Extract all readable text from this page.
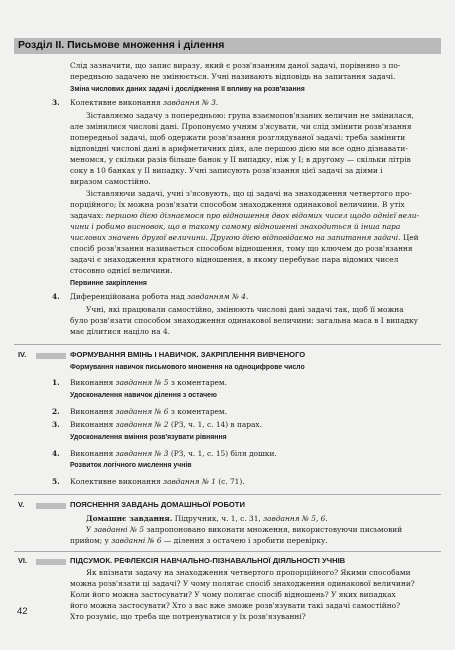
Розділ ІІ. Письмове множення і ділення
Слід зазначити, що запис виразу, який є розв'язанням даної задачі, порівняно з по-
передньою задачею не змінюється. Учні називають відповідь на запитання задачі.
Зміна числових даних задачі і дослідження її впливу на розв'язання
3. Колективне виконання завдання № 3.
Зіставляємо задачу з попередньою: група взаємопов'язаних величин не змінилася,
але змінилися числові дані. Пропонуємо учням з'ясувати, чи слід змінити розв'язання
попередньої задачі, щоб одержати розв'язання розглядуваної задачі: треба замінити
відповідні числові дані в арифметичних діях, але першою дією ми все одно дізнавати-
меномся, у скільки разів більше банок у ІІ випадку, ніж у І; в другому — скільки літрів
соку в 10 банках у ІІ випадку. Учні записують розв'язання цієї задачі за діями і
виразом самостійно.
Зіставляючи задачі, учні з'ясовують, що ці задачі на знаходження четвертого про-
порційного; їх можна розв'язати способом знаходження одинакової величини. В утіх
задачах: першою дією дізнаємося про відношення двох відомих чисел щодо однієї вели-
чини і робимо висновок, що в такому самому відношенні знаходиться й інша пара
числових значень другої величини. Другою дією відповідаємо на запитання задачі. Цей
спосіб розв'язання називається способом відношення, тому що ключем до розв'язання
задачі є знаходження кратного відношення, в якому перебуває пара відомих чисел
стосовно однієї величини.
Первинне закріплення
4. Диференційована робота над завданням № 4.
Учні, які працювали самостійно, змінюють числові дані задачі так, щоб її можна
було розв'язати способом знаходження одинакової величини: загальна маса в І випадку
має ділитися націло на 4.
IV.	ФОРМУВАННЯ ВМІНЬ І НАВИЧОК. ЗАКРІПЛЕННЯ ВИВЧЕНОГО
Формування навичок письмового множення на одноцифрове число
1. Виконання завдання № 5 з коментарем.
Удосконалення навичок ділення з остачею
2. Виконання завдання № 6 з коментарем.
3. Виконання завдання № 2 (РЗ, ч. 1, с. 14) в парах.
Удосконалення вміння розв'язувати рівняння
4. Виконання завдання № 3 (РЗ, ч. 1, с. 15) біля дошки.
Розвиток логічного мислення учнів
5. Колективне виконання завдання № 1 (с. 71).
V.	ПОЯСНЕННЯ ЗАВДАНЬ ДОМАШНЬОЇ РОБОТИ
Домашнє завдання. Підручник, ч. 1, с. 31, завдання № 5, 6.
У завданні № 5 запропоновано виконати множення, використовуючи письмовий
прийом; у завданні № 6 — ділення з остачею і зробити перевірку.
VI.	ПІДСУМОК. РЕФЛЕКСІЯ НАВЧАЛЬНО-ПІЗНАВАЛЬНОЇ ДІЯЛЬНОСТІ УЧНІВ
Як впізнати задачу на знаходження четвертого пропорційного? Якими способами
можна розв'язати ці задачі? У чому полягає спосіб знаходження одинакової величини?
Коли його можна застосувати? У чому полягає спосіб відношень? У яких випадках
його можна застосувати? Хто з вас вже зможе розв'язувати такі задачі самостійно?
Хто розуміє, що треба ще потренуватися у їх розв'язуванні?
42
